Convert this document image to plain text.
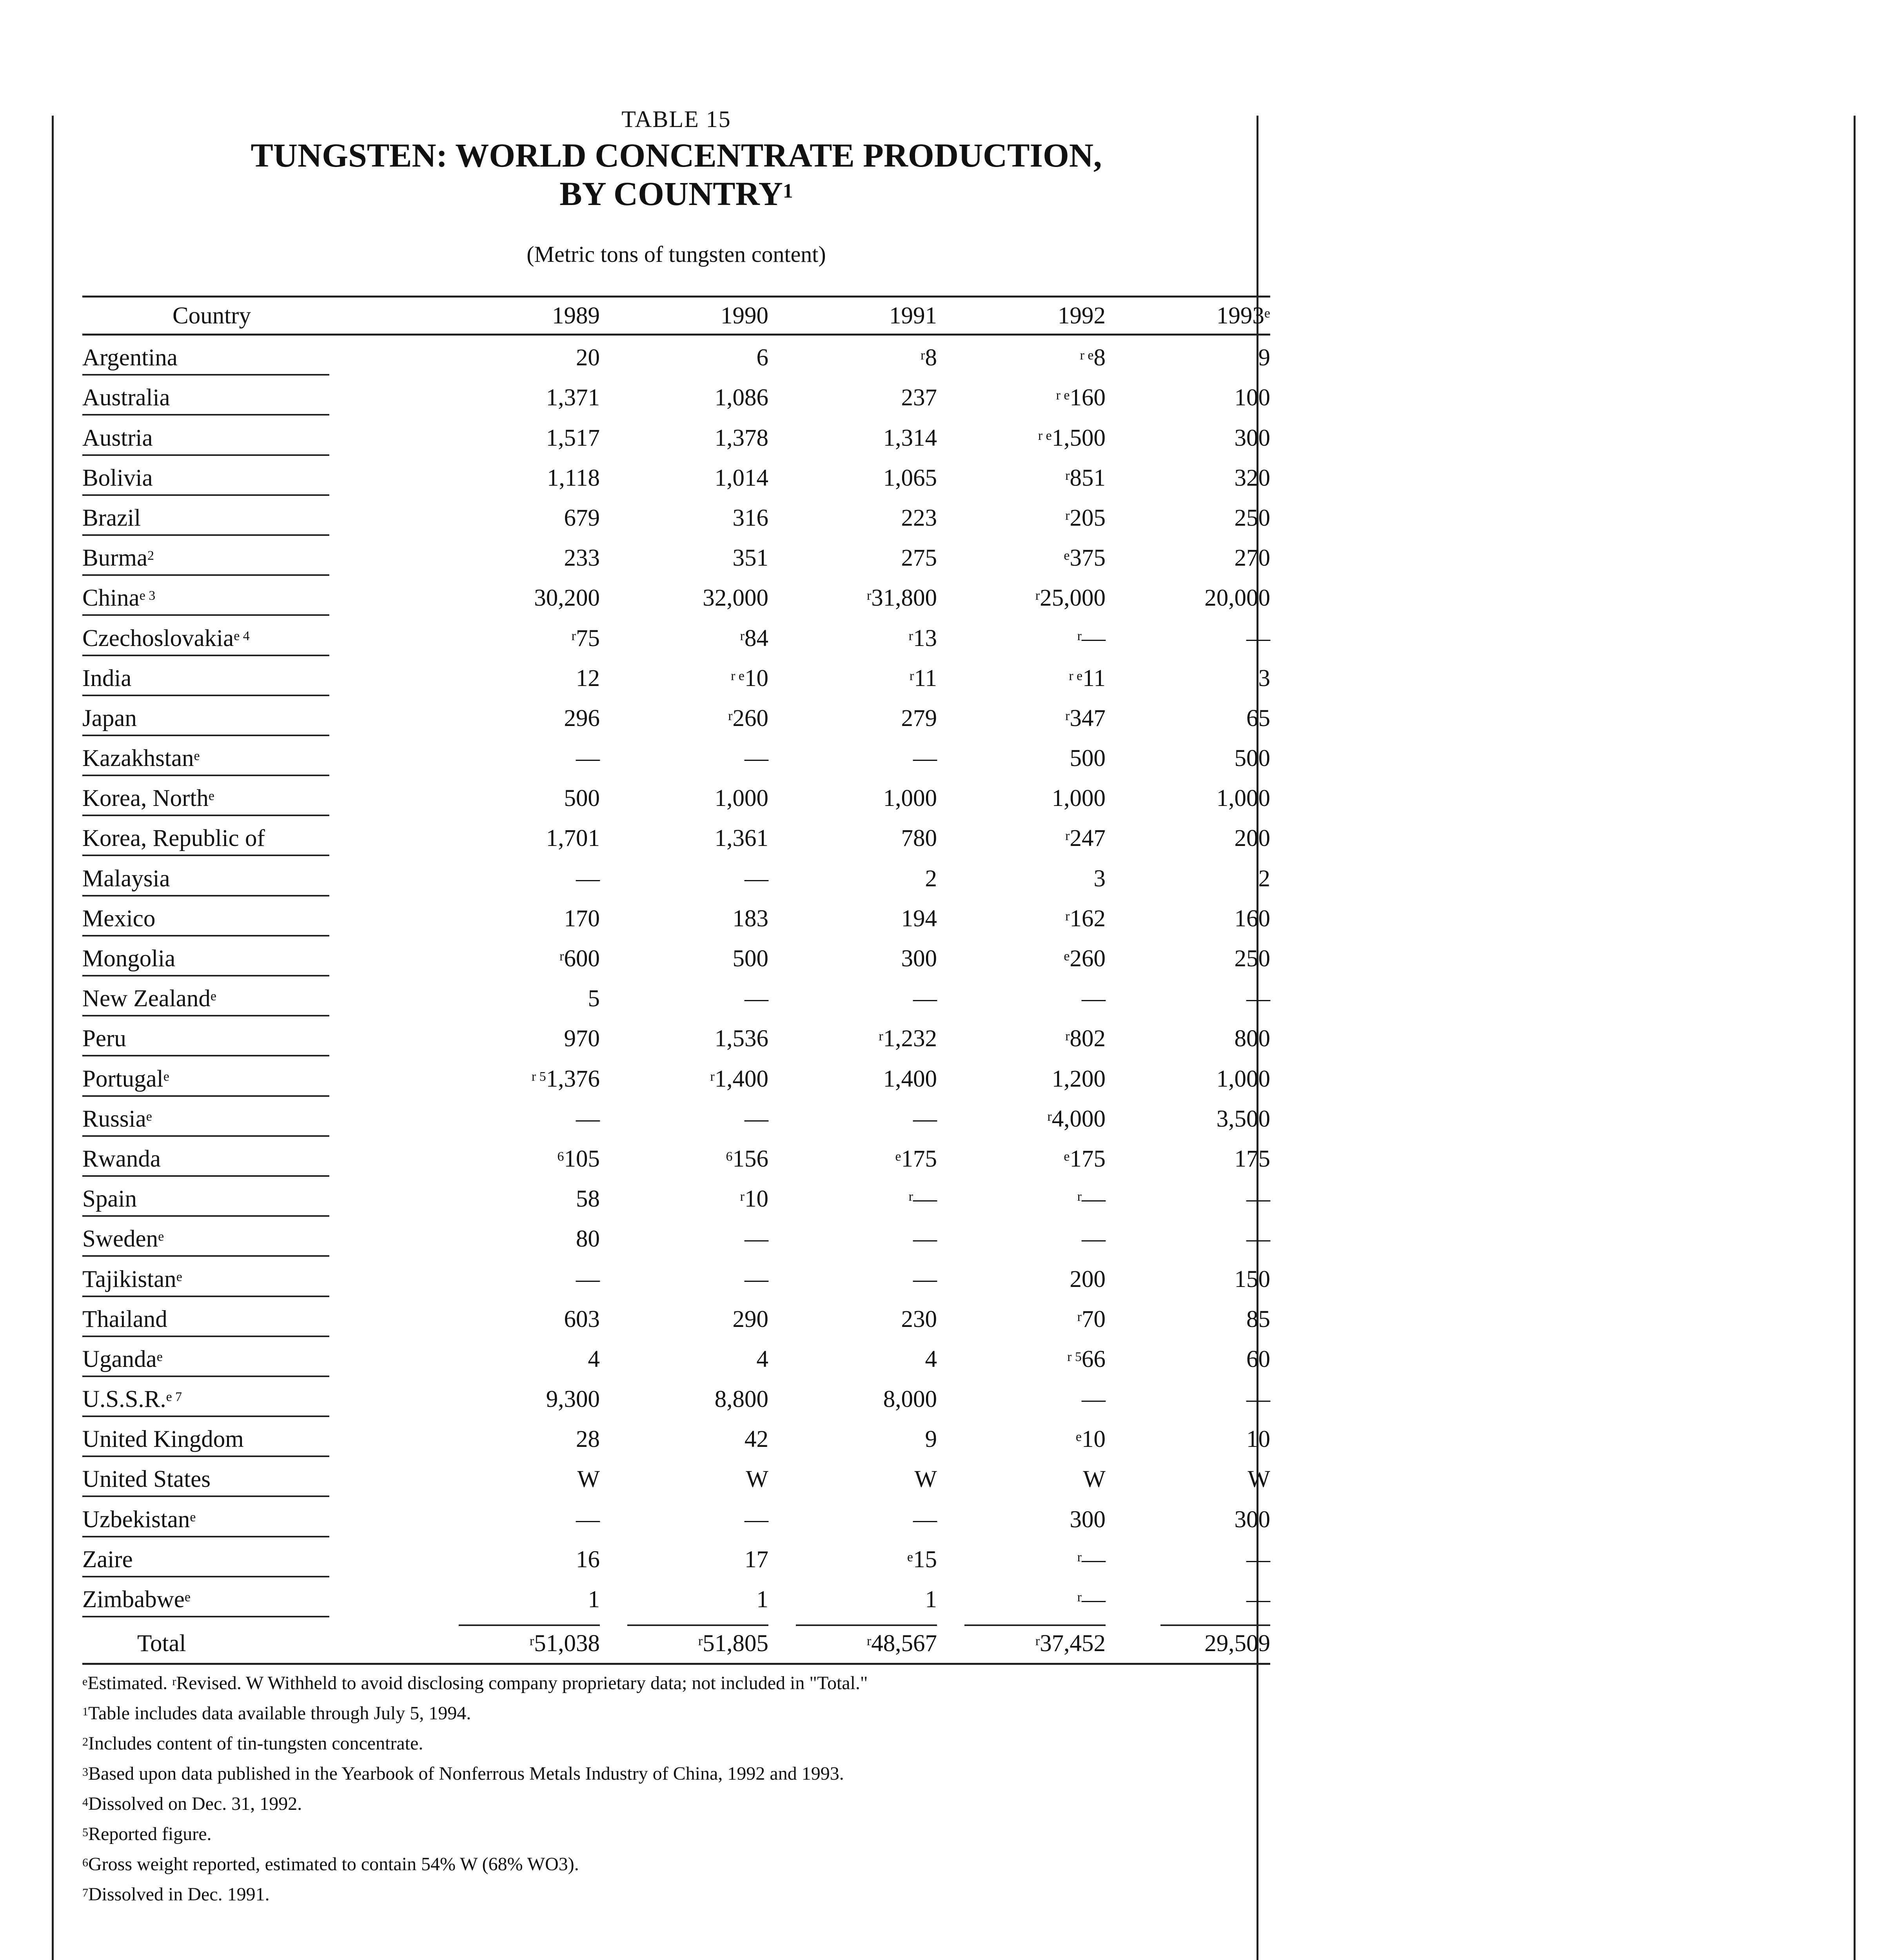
TABLE 15
TUNGSTEN: WORLD CONCENTRATE PRODUCTION,
BY COUNTRY$^1$
(Metric tons of tungsten content)
Country	1989	1990	1991	1992	1993e
Argentina	20	6	$^r$8	$^{r e}$8	9
Australia	1,371	1,086	237	$^{r e}$160	100
Austria	1,517	1,378	1,314	$^{r e}$1,500	300
Bolivia	1,118	1,014	1,065	$^r$851	320
Brazil	679	316	223	$^r$205	250
Burma$^2$	233	351	275	$^e$375	270
China$^{e 3}$	30,200	32,000	$^r$31,800	$^r$25,000	20,000
Czechoslovakia$^{e 4}$	$^r$75	$^r$84	$^r$13	$^r$—	—
India	12	$^{r e}$10	$^r$11	$^{r e}$11	3
Japan	296	$^r$260	279	$^r$347	65
Kazakhstan$^e$	—	—	—	500	500
Korea, North$^e$	500	1,000	1,000	1,000	1,000
Korea, Republic of	1,701	1,361	780	$^r$247	200
Malaysia	—	—	2	3	2
Mexico	170	183	194	$^r$162	160
Mongolia	$^r$600	500	300	$^e$260	250
New Zealand$^e$	5	—	—	—	—
Peru	970	1,536	$^r$1,232	$^r$802	800
Portugal$^e$	$^{r 5}$1,376	$^r$1,400	1,400	1,200	1,000
Russia$^e$	—	—	—	$^r$4,000	3,500
Rwanda	$^6$105	$^6$156	$^e$175	$^e$175	175
Spain	58	$^r$10	$^r$—	$^r$—	—
Sweden$^e$	80	—	—	—	—
Tajikistan$^e$	—	—	—	200	150
Thailand	603	290	230	$^r$70	85
Uganda$^e$	4	4	4	$^{r 5}$66	60
U.S.S.R.$^{e 7}$	9,300	8,800	8,000	—	—
United Kingdom	28	42	9	$^e$10	10
United States	W	W	W	W	W
Uzbekistan$^e$	—	—	—	300	300
Zaire	16	17	$^e$15	$^r$—	—
Zimbabwe$^e$	1	1	1	$^r$—	—
Total	$^r$51,038	$^r$51,805	$^r$48,567	$^r$37,452	29,509
$^e$Estimated. $^r$Revised. W Withheld to avoid disclosing company proprietary data; not included in "Total."
$^1$Table includes data available through July 5, 1994.
$^2$Includes content of tin-tungsten concentrate.
$^3$Based upon data published in the Yearbook of Nonferrous Metals Industry of China, 1992 and 1993.
$^4$Dissolved on Dec. 31, 1992.
$^5$Reported figure.
$^6$Gross weight reported, estimated to contain 54% W (68% WO3).
$^7$Dissolved in Dec. 1991.
